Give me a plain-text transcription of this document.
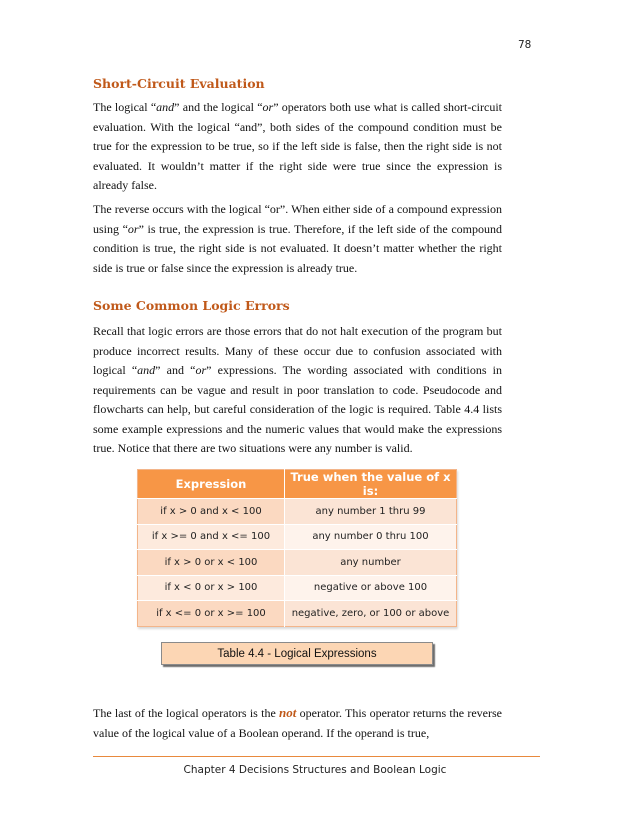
78
Short-Circuit Evaluation

The logical “and” and the logical “or” operators both use what is called short-circuit evaluation. With the logical “and”, both sides of the compound condition must be true for the expression to be true, so if the left side is false, then the right side is not evaluated. It wouldn’t matter if the right side were true since the expression is already false.

The reverse occurs with the logical “or”. When either side of a compound expression using “or” is true, the expression is true. Therefore, if the left side of the compound condition is true, the right side is not evaluated. It doesn’t matter whether the right side is true or false since the expression is already true.

Some Common Logic Errors

Recall that logic errors are those errors that do not halt execution of the program but produce incorrect results. Many of these occur due to confusion associated with logical “and” and “or” expressions. The wording associated with conditions in requirements can be vague and result in poor translation to code. Pseudocode and flowcharts can help, but careful consideration of the logic is required. Table 4.4 lists some example expressions and the numeric values that would make the expressions true. Notice that there are two situations were any number is valid.

Expression	True when the value of x is:
if x > 0 and x < 100	any number 1 thru 99
if x >= 0 and x <= 100	any number 0 thru 100
if x > 0 or x < 100	any number
if x < 0 or x > 100	negative or above 100
if x <= 0 or x >= 100	negative, zero, or 100 or above
Table 4.4 - Logical Expressions

The last of the logical operators is the not operator. This operator returns the reverse value of the logical value of a Boolean operand. If the operand is true,

Chapter 4 Decisions Structures and Boolean Logic
